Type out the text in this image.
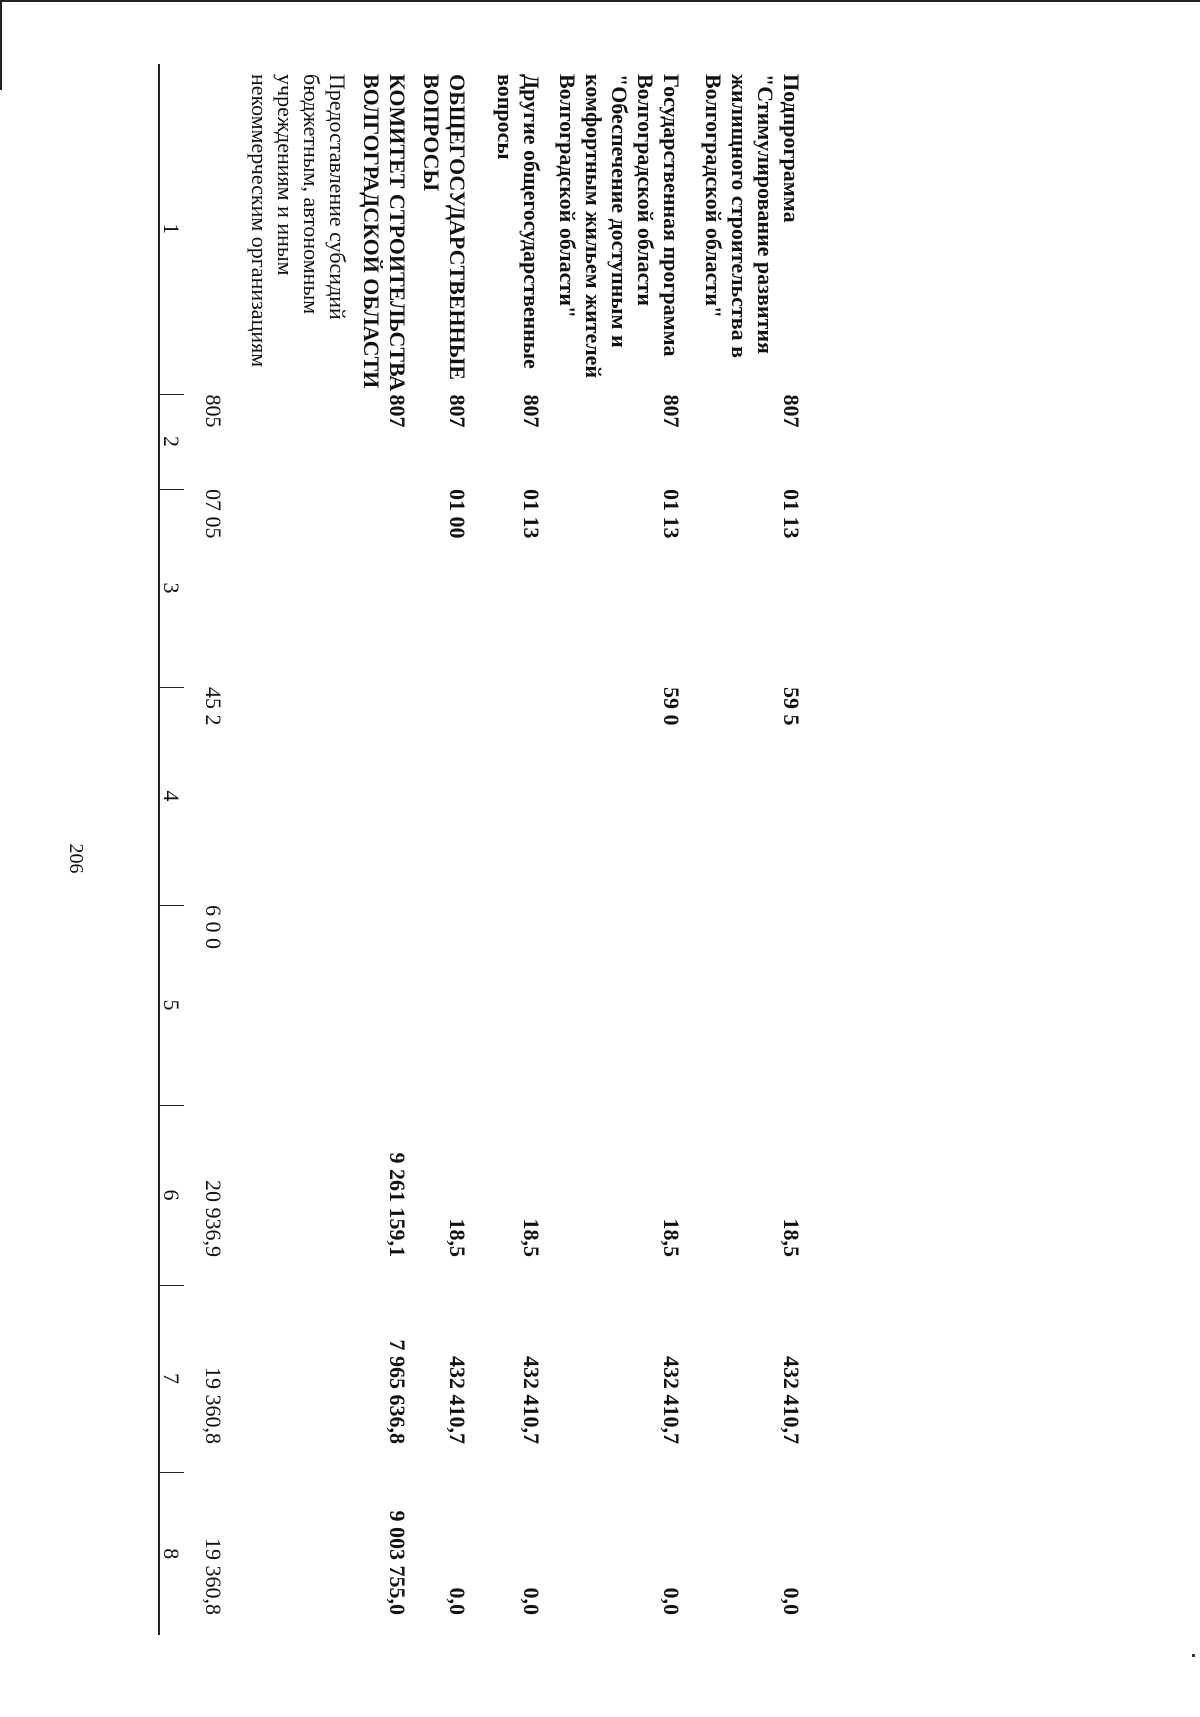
206
1	2	3	4	5	6	7	8

Предоставление субсидий бюджетным, автономным учреждениям и иным некоммерческим организациям	805	07 05	45 2	6 0 0	20 936,9	19 360,8	19 360,8
КОМИТЕТ СТРОИТЕЛЬСТВА ВОЛГОГРАДСКОЙ ОБЛАСТИ	807				9 261 159,1	7 965 636,8	9 003 755,0
ОБЩЕГОСУДАРСТВЕННЫЕ ВОПРОСЫ	807	01 00			18,5	432 410,7	0,0
Другие общегосударственные вопросы	807	01 13			18,5	432 410,7	0,0
Государственная программа Волгоградской области "Обеспечение доступным и комфортным жильем жителей Волгоградской области"	807	01 13	59 0		18,5	432 410,7	0,0
Подпрограмма "Стимулирование развития жилищного строительства в Волгоградской области"	807	01 13	59 5		18,5	432 410,7	0,0
